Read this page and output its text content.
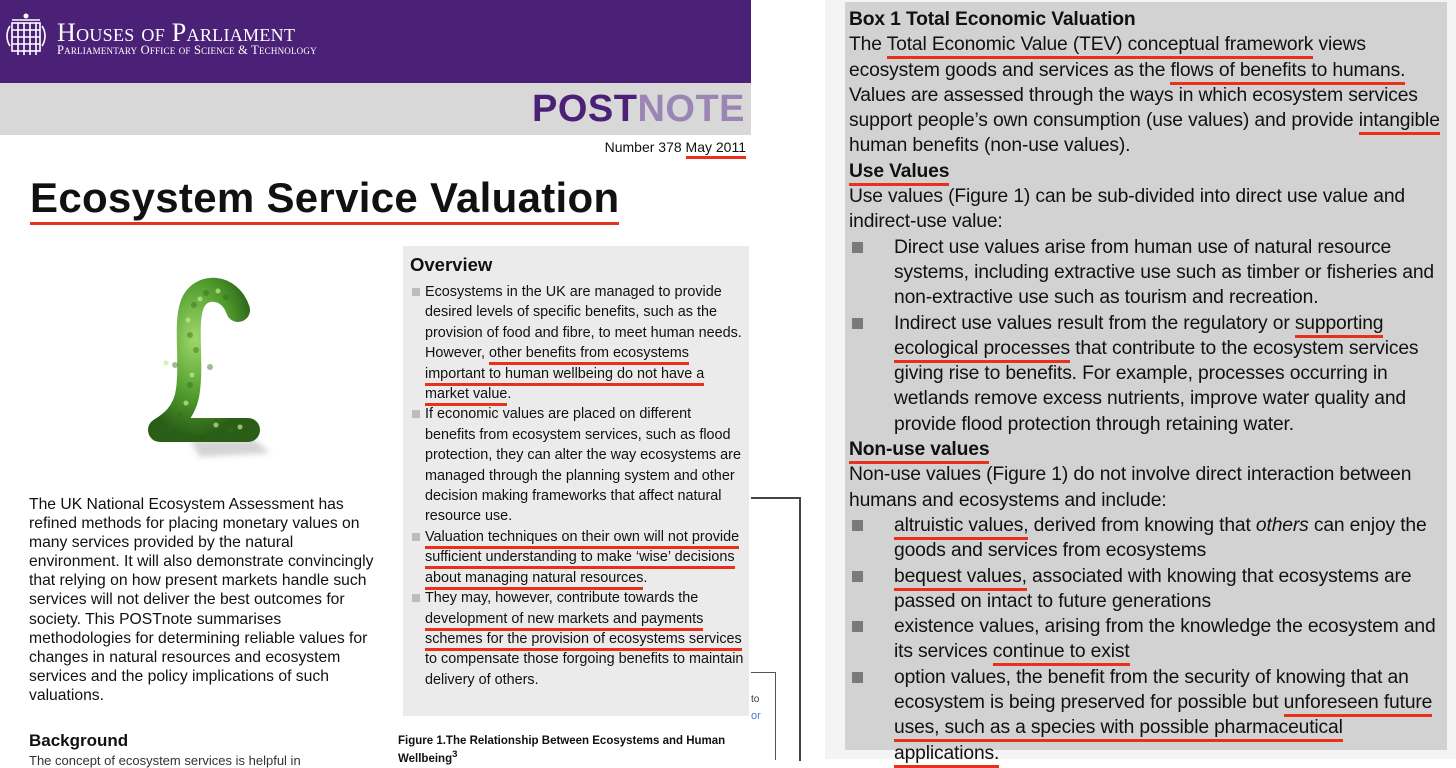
Houses of Parliament
Parliamentary Office of Science & Technology
POSTNOTE
Number 378 May 2011
Ecosystem Service Valuation
The UK National Ecosystem Assessment has refined methods for placing monetary values on many services provided by the natural environment. It will also demonstrate convincingly that relying on how present markets handle such services will not deliver the best outcomes for society. This POSTnote summarises methodologies for determining reliable values for changes in natural resources and ecosystem services and the policy implications of such valuations.
Background
The concept of ecosystem services is helpful in
Overview
Ecosystems in the UK are managed to provide desired levels of specific benefits, such as the provision of food and fibre, to meet human needs. However, other benefits from ecosystems important to human wellbeing do not have a market value.
If economic values are placed on different benefits from ecosystem services, such as flood protection, they can alter the way ecosystems are managed through the planning system and other decision making frameworks that affect natural resource use.
Valuation techniques on their own will not provide sufficient understanding to make ‘wise’ decisions about managing natural resources.
They may, however, contribute towards the development of new markets and payments schemes for the provision of ecosystems services to compensate those forgoing benefits to maintain delivery of others.
Figure 1.The Relationship Between Ecosystems and Human Wellbeing$^3$
to
or
Box 1 Total Economic Valuation
The Total Economic Value (TEV) conceptual framework views ecosystem goods and services as the flows of benefits to humans. Values are assessed through the ways in which ecosystem services support people’s own consumption (use values) and provide intangible human benefits (non-use values).
Use Values
Use values (Figure 1) can be sub-divided into direct use value and indirect-use value:
Direct use values arise from human use of natural resource systems, including extractive use such as timber or fisheries and non-extractive use such as tourism and recreation.
Indirect use values result from the regulatory or supporting ecological processes that contribute to the ecosystem services giving rise to benefits. For example, processes occurring in wetlands remove excess nutrients, improve water quality and provide flood protection through retaining water.
Non-use values
Non-use values (Figure 1) do not involve direct interaction between humans and ecosystems and include:
altruistic values, derived from knowing that others can enjoy the goods and services from ecosystems
bequest values, associated with knowing that ecosystems are passed on intact to future generations
existence values, arising from the knowledge the ecosystem and its services continue to exist
option values, the benefit from the security of knowing that an ecosystem is being preserved for possible but unforeseen future uses, such as a species with possible pharmaceutical applications.
